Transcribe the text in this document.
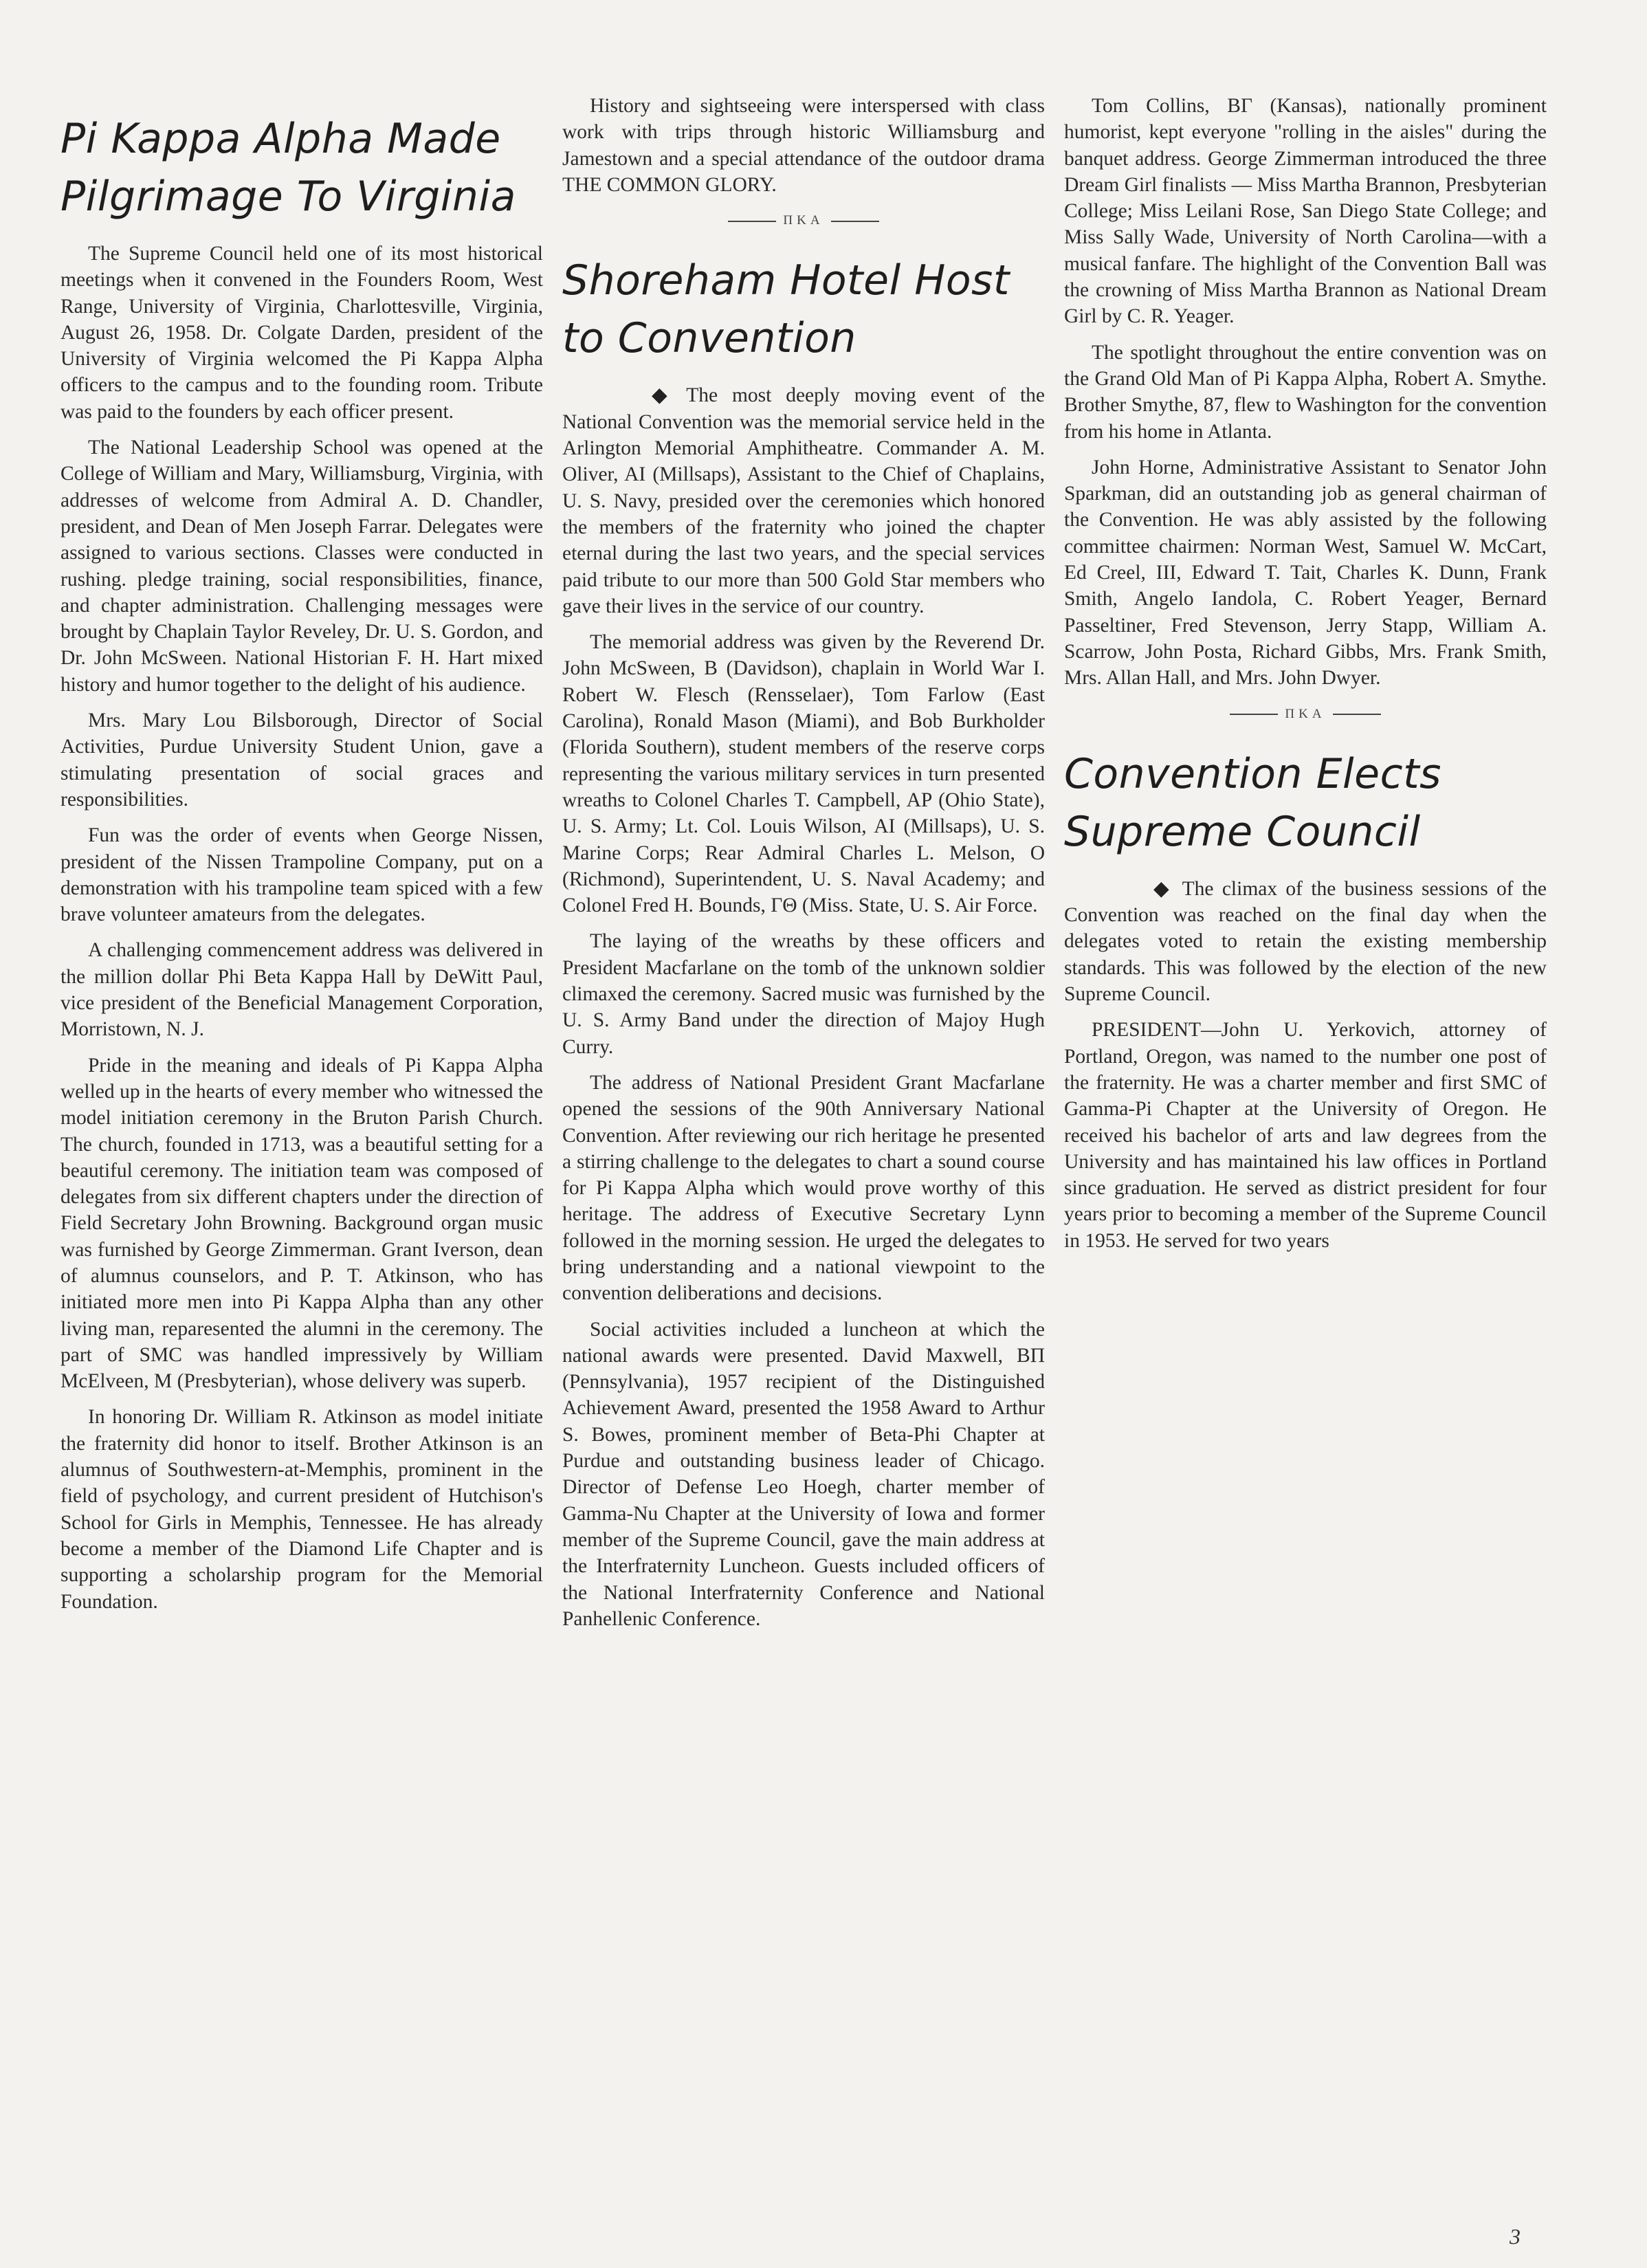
Pi Kappa Alpha Made Pilgrimage To Virginia

The Supreme Council held one of its most historical meetings when it convened in the Founders Room, West Range, University of Virginia, Charlottesville, Virginia, August 26, 1958. Dr. Colgate Darden, president of the University of Virginia welcomed the Pi Kappa Alpha officers to the campus and to the founding room. Tribute was paid to the founders by each officer present.

The National Leadership School was opened at the College of William and Mary, Williamsburg, Virginia, with addresses of welcome from Admiral A. D. Chandler, president, and Dean of Men Joseph Farrar. Delegates were assigned to various sections. Classes were conducted in rushing. pledge training, social responsibilities, finance, and chapter administration. Challenging messages were brought by Chaplain Taylor Reveley, Dr. U. S. Gordon, and Dr. John McSween. National Historian F. H. Hart mixed history and humor together to the delight of his audience.

Mrs. Mary Lou Bilsborough, Director of Social Activities, Purdue University Student Union, gave a stimulating presentation of social graces and responsibilities.

Fun was the order of events when George Nissen, president of the Nissen Trampoline Company, put on a demonstration with his trampoline team spiced with a few brave volunteer amateurs from the delegates.

A challenging commencement address was delivered in the million dollar Phi Beta Kappa Hall by DeWitt Paul, vice president of the Beneficial Management Corporation, Morristown, N. J.

Pride in the meaning and ideals of Pi Kappa Alpha welled up in the hearts of every member who witnessed the model initiation ceremony in the Bruton Parish Church. The church, founded in 1713, was a beautiful setting for a beautiful ceremony. The initiation team was composed of delegates from six different chapters under the direction of Field Secretary John Browning. Background organ music was furnished by George Zimmerman. Grant Iverson, dean of alumnus counselors, and P. T. Atkinson, who has initiated more men into Pi Kappa Alpha than any other living man, reparesented the alumni in the ceremony. The part of SMC was handled impressively by William McElveen, M (Presbyterian), whose delivery was superb.

In honoring Dr. William R. Atkinson as model initiate the fraternity did honor to itself. Brother Atkinson is an alumnus of Southwestern-at-Memphis, prominent in the field of psychology, and current president of Hutchison's School for Girls in Memphis, Tennessee. He has already become a member of the Diamond Life Chapter and is supporting a scholarship program for the Memorial Foundation.

History and sightseeing were interspersed with class work with trips through historic Williamsburg and Jamestown and a special attendance of the outdoor drama THE COMMON GLORY.

ΠΚΑ
Shoreham Hotel Host to Convention

◆ The most deeply moving event of the National Convention was the memorial service held in the Arlington Memorial Amphitheatre. Commander A. M. Oliver, AI (Millsaps), Assistant to the Chief of Chaplains, U. S. Navy, presided over the ceremonies which honored the members of the fraternity who joined the chapter eternal during the last two years, and the special services paid tribute to our more than 500 Gold Star members who gave their lives in the service of our country.

The memorial address was given by the Reverend Dr. John McSween, B (Davidson), chaplain in World War I. Robert W. Flesch (Rensselaer), Tom Farlow (East Carolina), Ronald Mason (Miami), and Bob Burkholder (Florida Southern), student members of the reserve corps representing the various military services in turn presented wreaths to Colonel Charles T. Campbell, AP (Ohio State), U. S. Army; Lt. Col. Louis Wilson, AI (Millsaps), U. S. Marine Corps; Rear Admiral Charles L. Melson, O (Richmond), Superintendent, U. S. Naval Academy; and Colonel Fred H. Bounds, ΓΘ (Miss. State, U. S. Air Force.

The laying of the wreaths by these officers and President Macfarlane on the tomb of the unknown soldier climaxed the ceremony. Sacred music was furnished by the U. S. Army Band under the direction of Majoy Hugh Curry.

The address of National President Grant Macfarlane opened the sessions of the 90th Anniversary National Convention. After reviewing our rich heritage he presented a stirring challenge to the delegates to chart a sound course for Pi Kappa Alpha which would prove worthy of this heritage. The address of Executive Secretary Lynn followed in the morning session. He urged the delegates to bring understanding and a national viewpoint to the convention deliberations and decisions.

Social activities included a luncheon at which the national awards were presented. David Maxwell, BΠ (Pennsylvania), 1957 recipient of the Distinguished Achievement Award, presented the 1958 Award to Arthur S. Bowes, prominent member of Beta-Phi Chapter at Purdue and outstanding business leader of Chicago. Director of Defense Leo Hoegh, charter member of Gamma-Nu Chapter at the University of Iowa and former member of the Supreme Council, gave the main address at the Interfraternity Luncheon. Guests included officers of the National Interfraternity Conference and National Panhellenic Conference.

Tom Collins, BΓ (Kansas), nationally prominent humorist, kept everyone "rolling in the aisles" during the banquet address. George Zimmerman introduced the three Dream Girl finalists — Miss Martha Brannon, Presbyterian College; Miss Leilani Rose, San Diego State College; and Miss Sally Wade, University of North Carolina—with a musical fanfare. The highlight of the Convention Ball was the crowning of Miss Martha Brannon as National Dream Girl by C. R. Yeager.

The spotlight throughout the entire convention was on the Grand Old Man of Pi Kappa Alpha, Robert A. Smythe. Brother Smythe, 87, flew to Washington for the convention from his home in Atlanta.

John Horne, Administrative Assistant to Senator John Sparkman, did an outstanding job as general chairman of the Convention. He was ably assisted by the following committee chairmen: Norman West, Samuel W. McCart, Ed Creel, III, Edward T. Tait, Charles K. Dunn, Frank Smith, Angelo Iandola, C. Robert Yeager, Bernard Passeltiner, Fred Stevenson, Jerry Stapp, William A. Scarrow, John Posta, Richard Gibbs, Mrs. Frank Smith, Mrs. Allan Hall, and Mrs. John Dwyer.

ΠΚΑ
Convention Elects Supreme Council

◆ The climax of the business sessions of the Convention was reached on the final day when the delegates voted to retain the existing membership standards. This was followed by the election of the new Supreme Council.

PRESIDENT—John U. Yerkovich, attorney of Portland, Oregon, was named to the number one post of the fraternity. He was a charter member and first SMC of Gamma-Pi Chapter at the University of Oregon. He received his bachelor of arts and law degrees from the University and has maintained his law offices in Portland since graduation. He served as district president for four years prior to becoming a member of the Supreme Council in 1953. He served for two years

3
